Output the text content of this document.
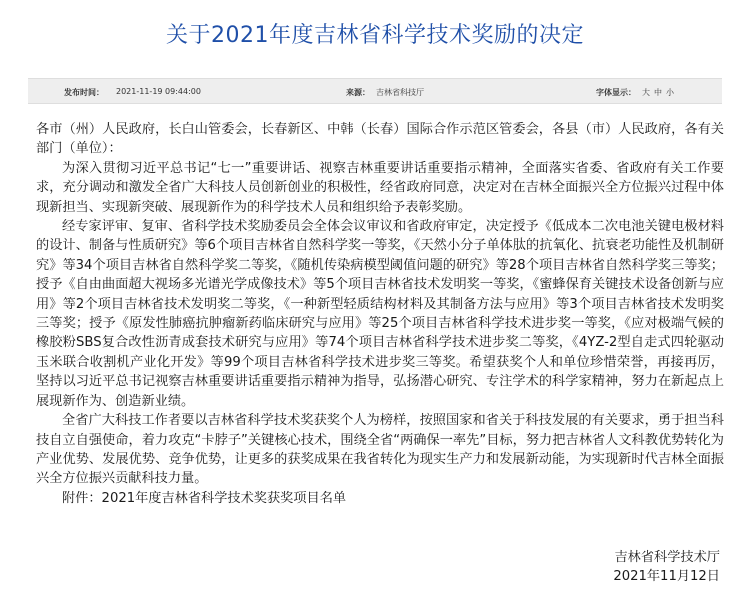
关于2021年度吉林省科学技术奖励的决定
发布时间： 2021-11-19 09:44:00	来源： 吉林省科技厅	字体显示： 大 中 小

各市（州）人民政府，长白山管委会，长春新区、中韩（长春）国际合作示范区管委会，各县（市）人民政府，各有关部门（单位）：

为深入贯彻习近平总书记“七一”重要讲话、视察吉林重要讲话重要指示精神，全面落实省委、省政府有关工作要求，充分调动和激发全省广大科技人员创新创业的积极性，经省政府同意，决定对在吉林全面振兴全方位振兴过程中体现新担当、实现新突破、展现新作为的科学技术人员和组织给予表彰奖励。

经专家评审、复审、省科学技术奖励委员会全体会议审议和省政府审定，决定授予《低成本二次电池关键电极材料的设计、制备与性质研究》等6个项目吉林省自然科学奖一等奖，《天然小分子单体肽的抗氧化、抗衰老功能性及机制研究》等34个项目吉林省自然科学奖二等奖，《随机传染病模型阈值问题的研究》等28个项目吉林省自然科学奖三等奖；授予《自由曲面超大视场多光谱光学成像技术》等5个项目吉林省技术发明奖一等奖，《蜜蜂保育关键技术设备创新与应用》等2个项目吉林省技术发明奖二等奖，《一种新型轻质结构材料及其制备方法与应用》等3个项目吉林省技术发明奖三等奖；授予《原发性肺癌抗肿瘤新药临床研究与应用》等25个项目吉林省科学技术进步奖一等奖，《应对极端气候的橡胶粉SBS复合改性沥青成套技术研究与应用》等74个项目吉林省科学技术进步奖二等奖，《4YZ-2型自走式四轮驱动玉米联合收割机产业化开发》等99个项目吉林省科学技术进步奖三等奖。希望获奖个人和单位珍惜荣誉，再接再厉，坚持以习近平总书记视察吉林重要讲话重要指示精神为指导，弘扬潜心研究、专注学术的科学家精神，努力在新起点上展现新作为、创造新业绩。

全省广大科技工作者要以吉林省科学技术奖获奖个人为榜样，按照国家和省关于科技发展的有关要求，勇于担当科技自立自强使命，着力攻克“卡脖子”关键核心技术，围绕全省“两确保一率先”目标，努力把吉林省人文科教优势转化为产业优势、发展优势、竞争优势，让更多的获奖成果在我省转化为现实生产力和发展新动能，为实现新时代吉林全面振兴全方位振兴贡献科技力量。

附件：2021年度吉林省科学技术奖获奖项目名单

吉林省科学技术厅
2021年11月12日
